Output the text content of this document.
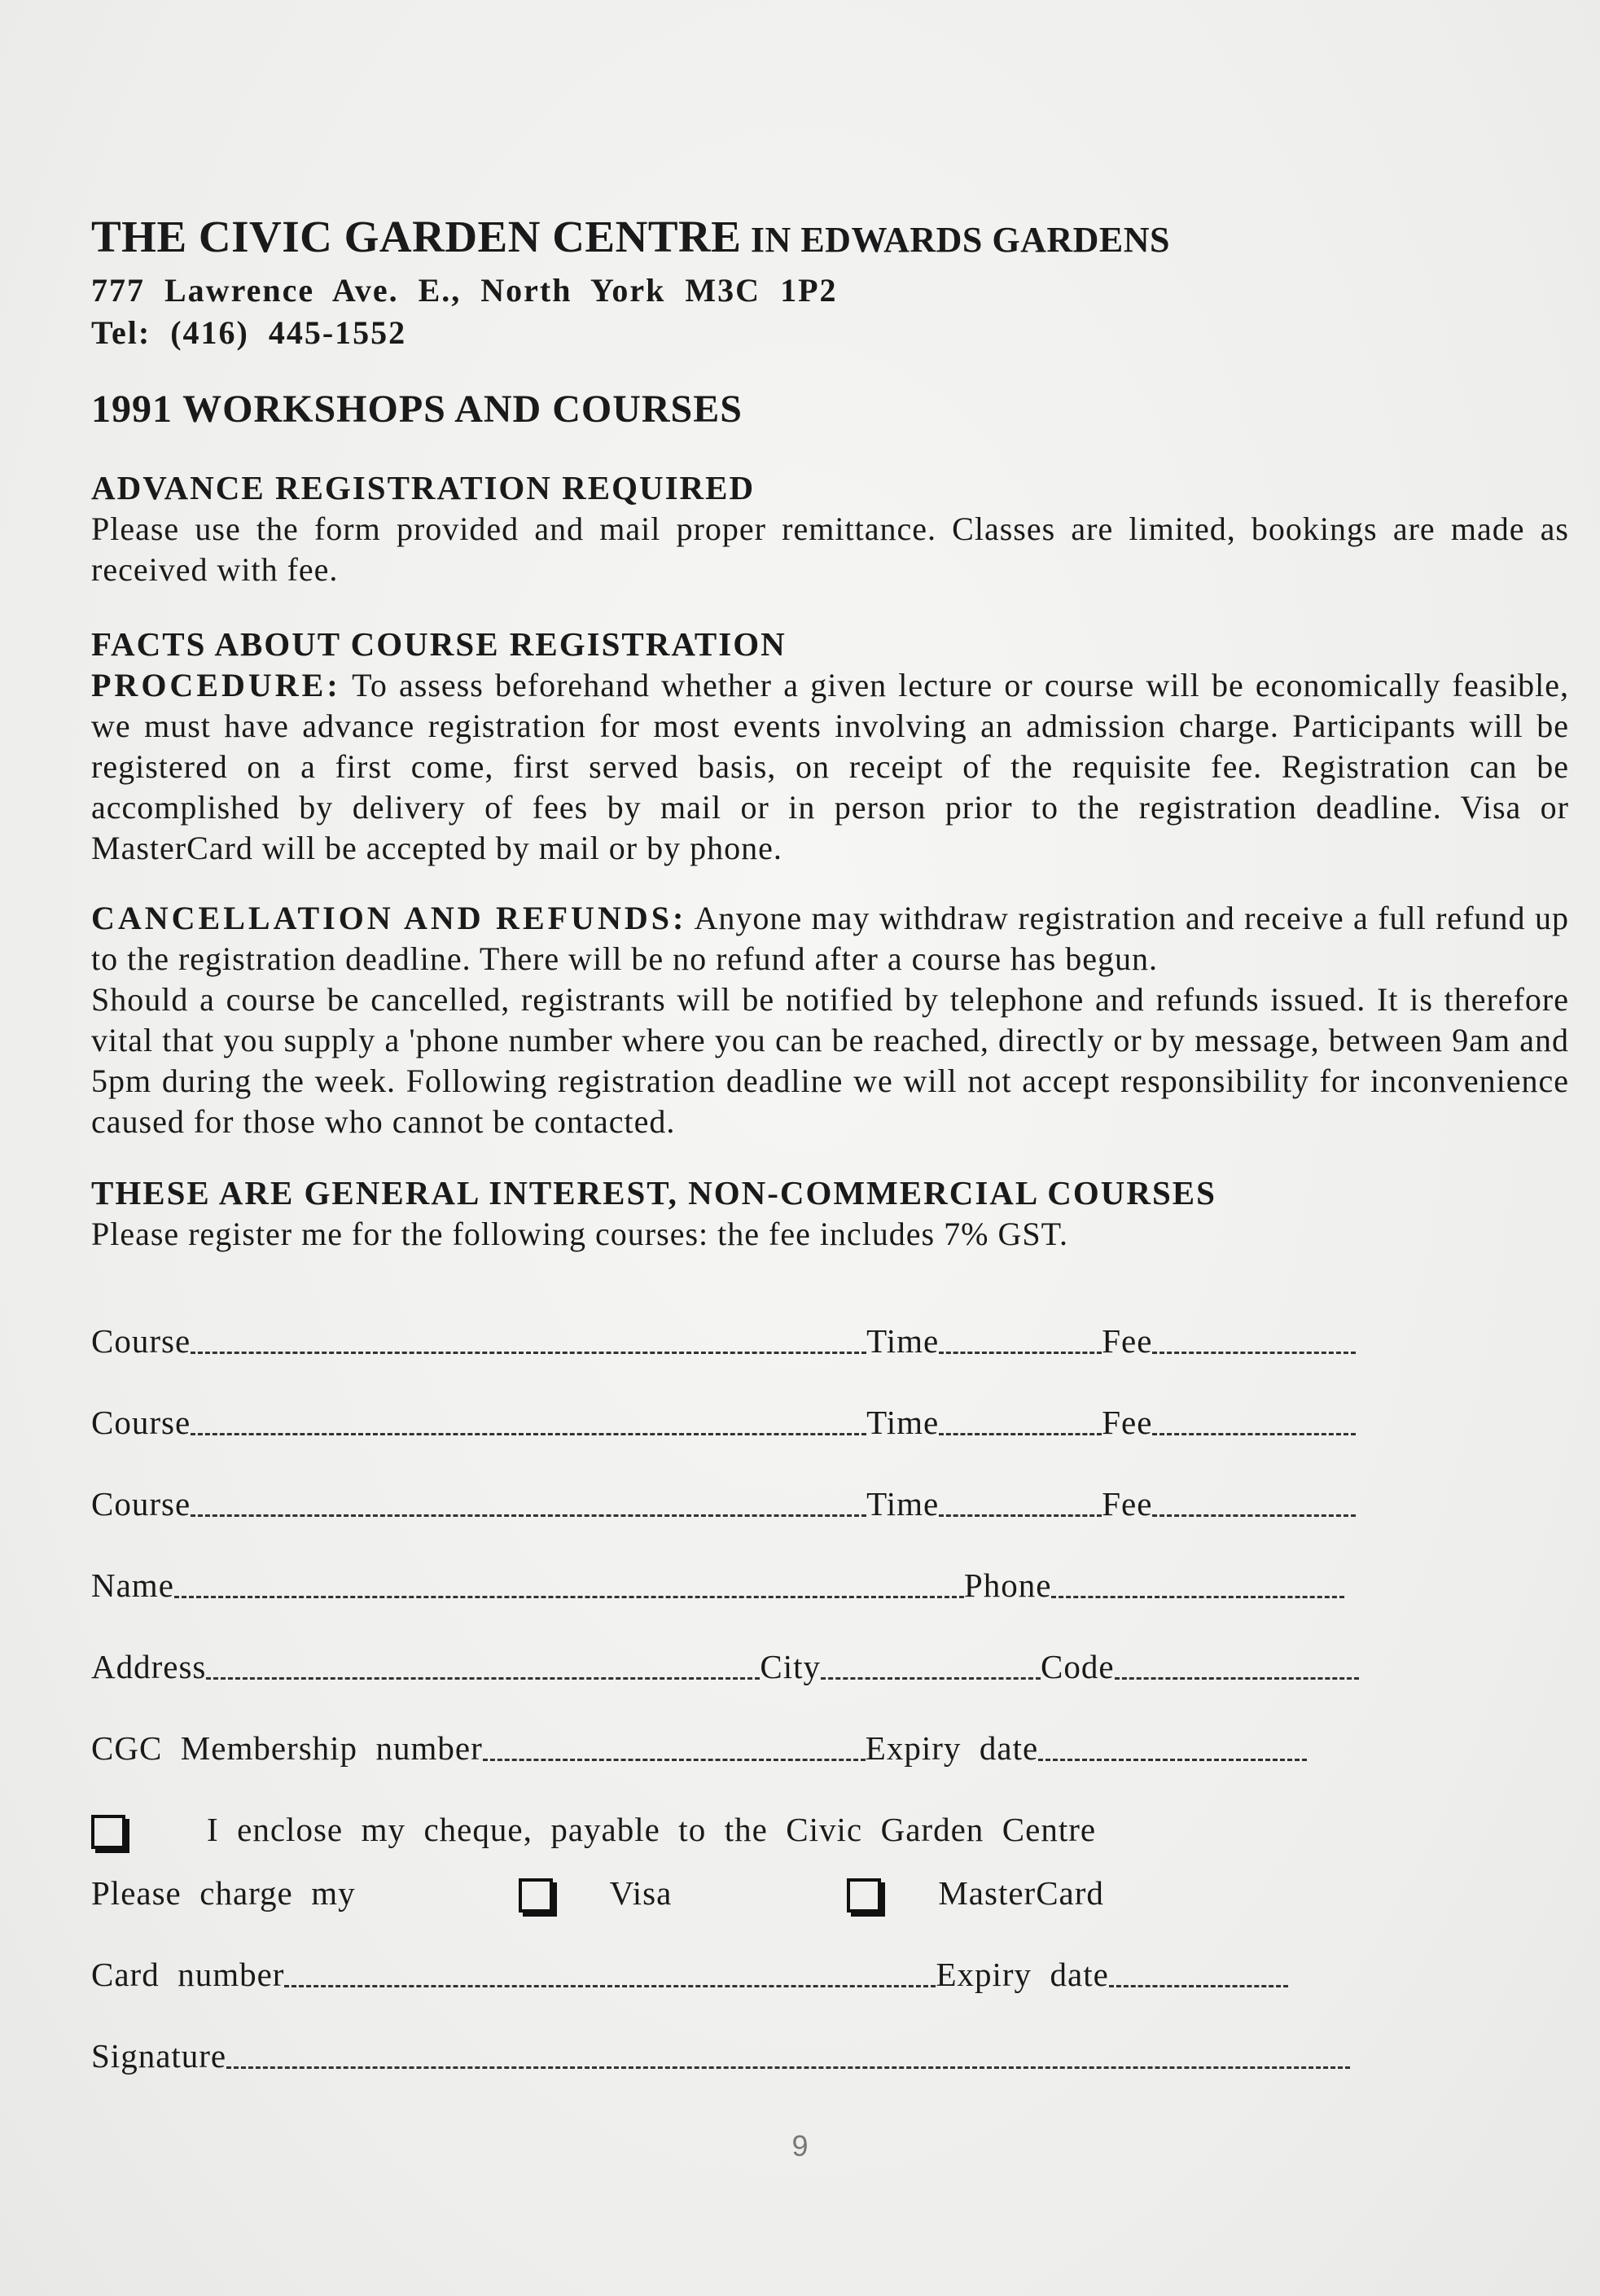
THE CIVIC GARDEN CENTRE IN EDWARDS GARDENS
777  Lawrence  Ave.  E.,  North  York  M3C  1P2
Tel:  (416)  445-1552
1991 WORKSHOPS AND COURSES
ADVANCE REGISTRATION REQUIRED
Please use the form provided and mail proper remittance. Classes are limited, bookings are made as received with fee.
FACTS ABOUT COURSE REGISTRATION
PROCEDURE: To assess beforehand whether a given lecture or course will be economically feasible, we must have advance registration for most events involving an admission charge. Participants will be registered on a first come, first served basis, on receipt of the requisite fee. Registration can be accomplished by delivery of fees by mail or in person prior to the registration deadline. Visa or MasterCard will be accepted by mail or by phone.
CANCELLATION AND REFUNDS: Anyone may withdraw registration and receive a full refund up to the registration deadline. There will be no refund after a course has begun.
Should a course be cancelled, registrants will be notified by telephone and refunds issued. It is therefore vital that you supply a 'phone number where you can be reached, directly or by message, between 9am and 5pm during the week. Following registration deadline we will not accept responsibility for inconvenience caused for those who cannot be contacted.
THESE ARE GENERAL INTEREST, NON-COMMERCIAL COURSES
Please register me for the following courses: the fee includes 7% GST.
Course	Time	Fee
Course	Time	Fee
Course	Time	Fee
Name	Phone
Address	City	Code
CGC  Membership  number	Expiry  date
I  enclose  my  cheque,  payable  to  the  Civic  Garden  Centre
Please  charge  my	Visa	MasterCard
Card  number	Expiry  date
Signature
9
